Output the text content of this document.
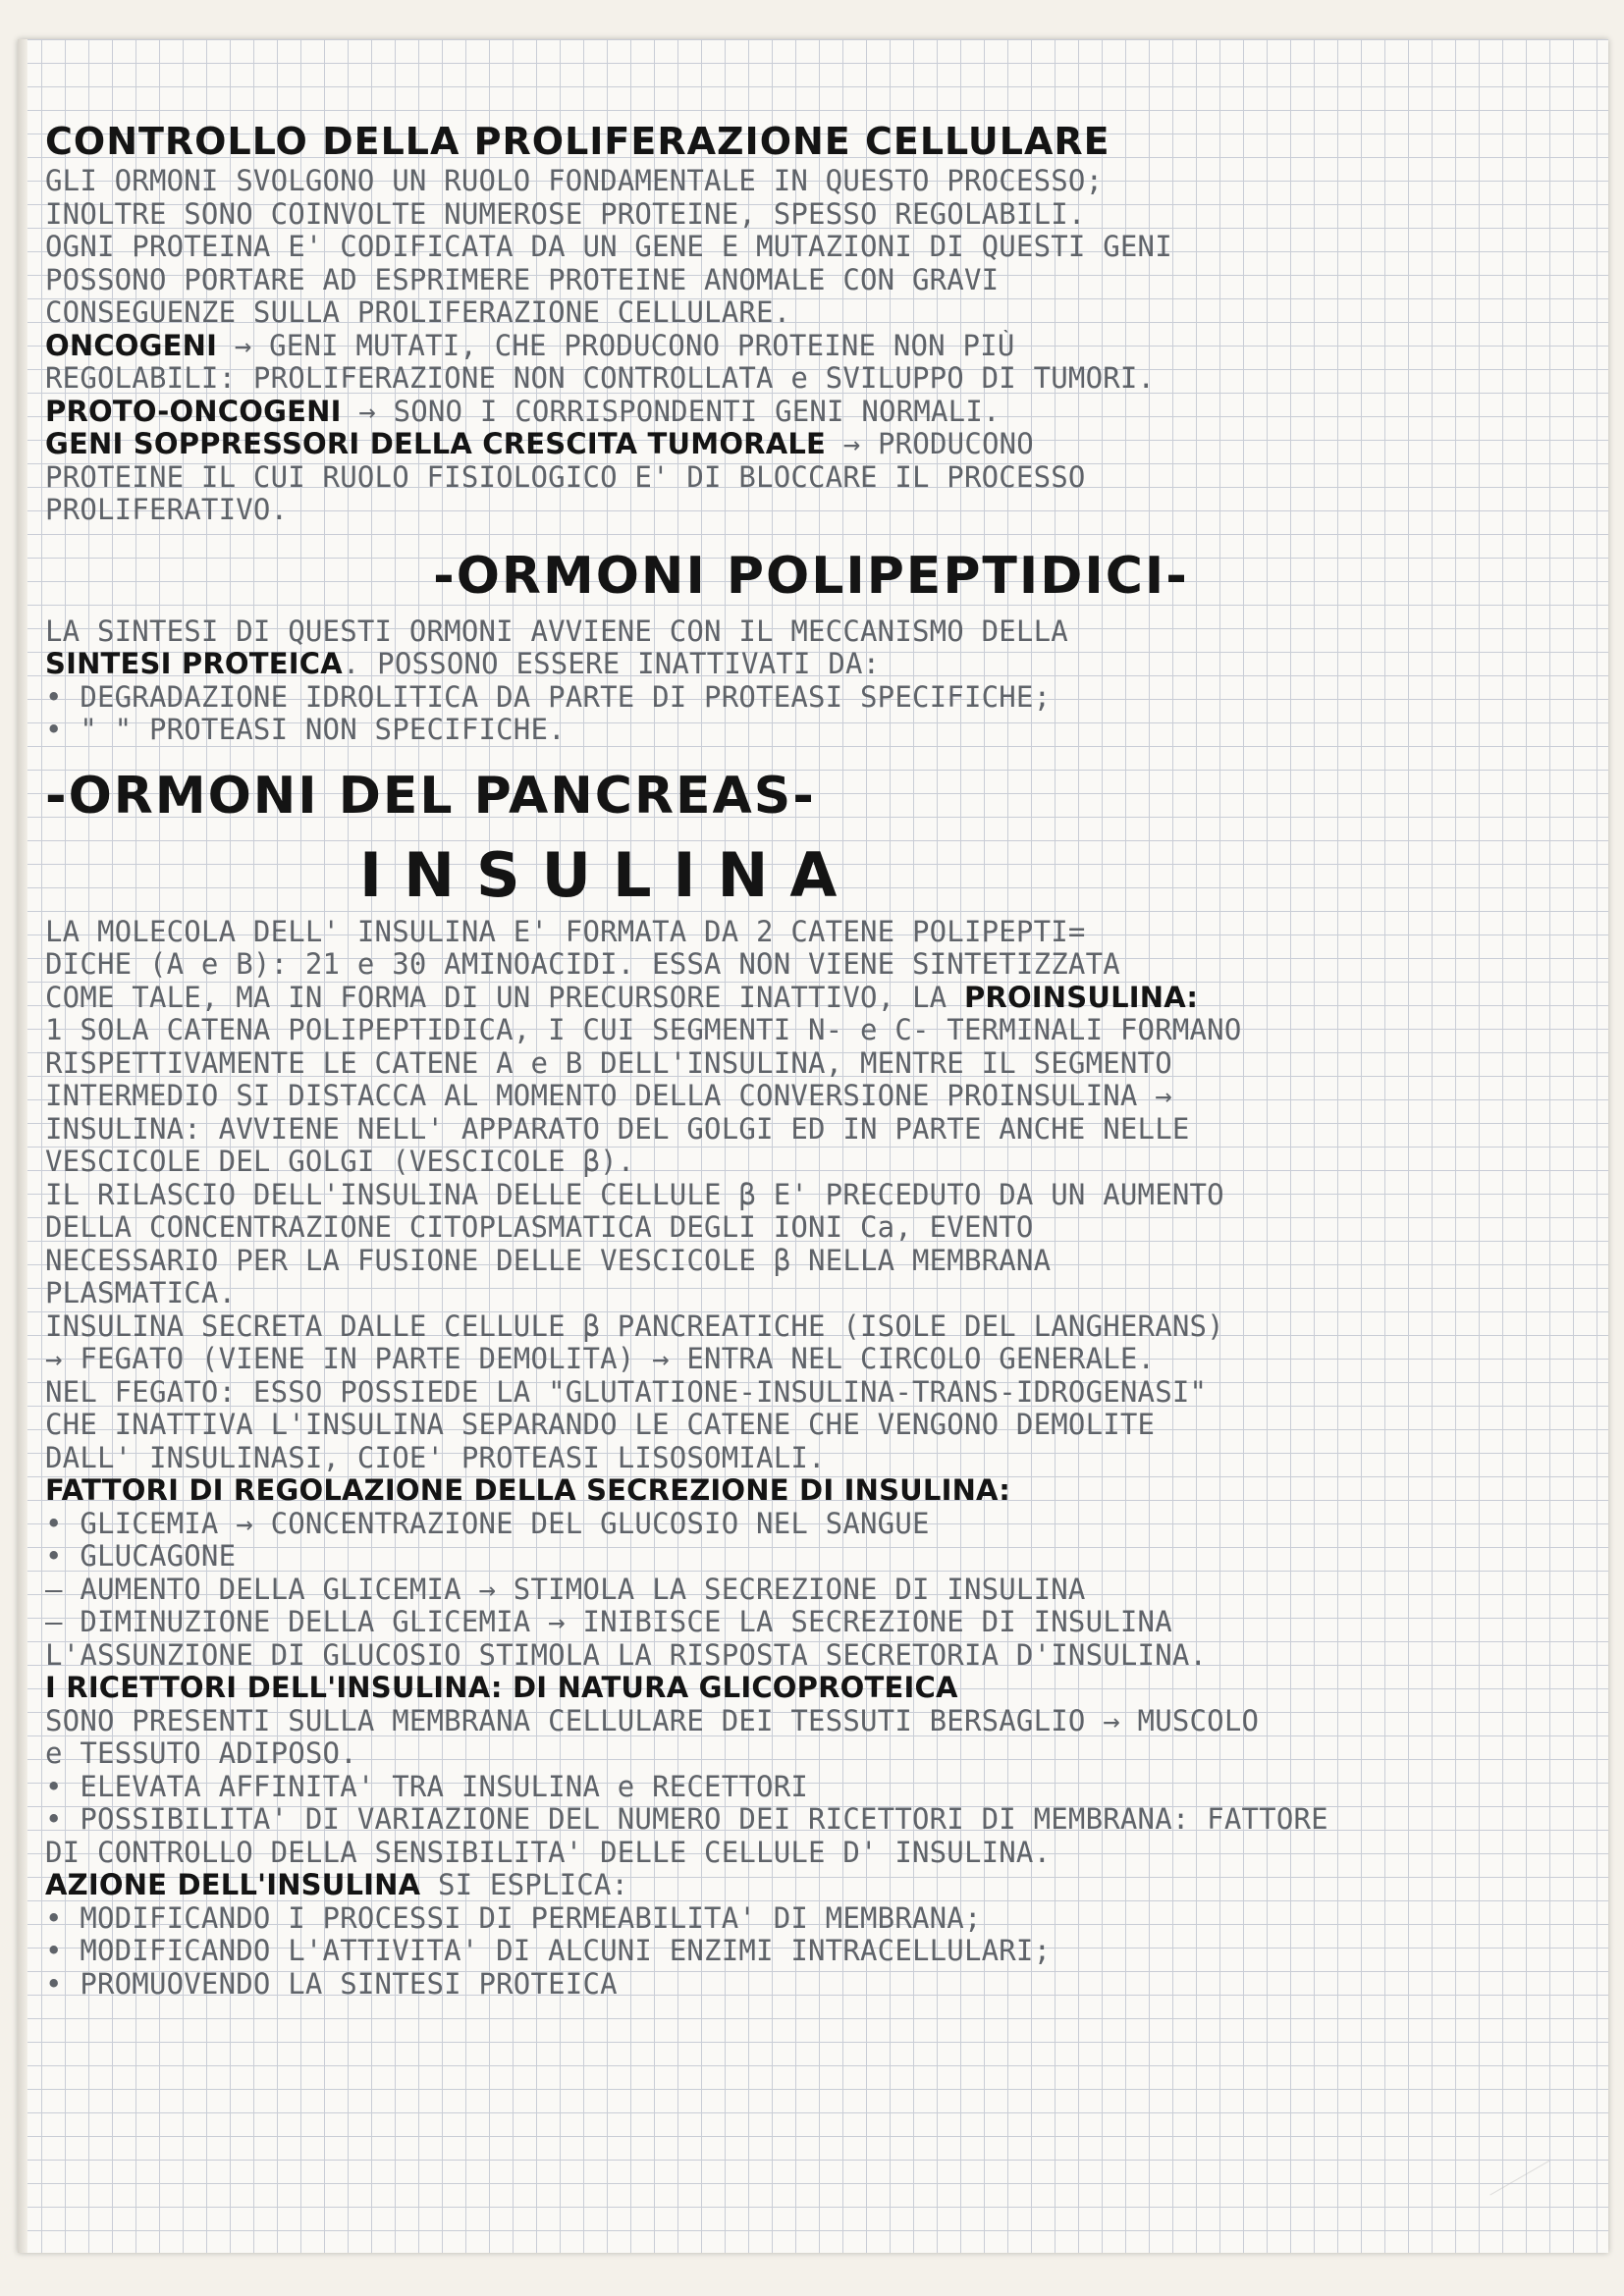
CONTROLLO DELLA PROLIFERAZIONE CELLULARE
GLI ORMONI SVOLGONO UN RUOLO FONDAMENTALE IN QUESTO PROCESSO;
INOLTRE SONO COINVOLTE NUMEROSE PROTEINE, SPESSO REGOLABILI.
OGNI PROTEINA E' CODIFICATA DA UN GENE E MUTAZIONI DI QUESTI GENI
POSSONO PORTARE AD ESPRIMERE PROTEINE ANOMALE CON GRAVI
CONSEGUENZE SULLA PROLIFERAZIONE CELLULARE.
ONCOGENI → GENI MUTATI, CHE PRODUCONO PROTEINE NON PIÙ
REGOLABILI: PROLIFERAZIONE NON CONTROLLATA e SVILUPPO DI TUMORI.
PROTO-ONCOGENI → SONO I CORRISPONDENTI GENI NORMALI.
GENI SOPPRESSORI DELLA CRESCITA TUMORALE → PRODUCONO
PROTEINE IL CUI RUOLO FISIOLOGICO E' DI BLOCCARE IL PROCESSO
PROLIFERATIVO.
-ORMONI POLIPEPTIDICI-
LA SINTESI DI QUESTI ORMONI AVVIENE CON IL MECCANISMO DELLA
SINTESI PROTEICA. POSSONO ESSERE INATTIVATI DA:
• DEGRADAZIONE IDROLITICA DA PARTE DI PROTEASI SPECIFICHE;
• " " PROTEASI NON SPECIFICHE.
-ORMONI DEL PANCREAS-
INSULINA
LA MOLECOLA DELL' INSULINA E' FORMATA DA 2 CATENE POLIPEPTI=
DICHE (A e B): 21 e 30 AMINOACIDI. ESSA NON VIENE SINTETIZZATA
COME TALE, MA IN FORMA DI UN PRECURSORE INATTIVO, LA PROINSULINA:
1 SOLA CATENA POLIPEPTIDICA, I CUI SEGMENTI N- e C- TERMINALI FORMANO
RISPETTIVAMENTE LE CATENE A e B DELL'INSULINA, MENTRE IL SEGMENTO
INTERMEDIO SI DISTACCA AL MOMENTO DELLA CONVERSIONE PROINSULINA →
INSULINA: AVVIENE NELL' APPARATO DEL GOLGI ED IN PARTE ANCHE NELLE
VESCICOLE DEL GOLGI (VESCICOLE β).
IL RILASCIO DELL'INSULINA DELLE CELLULE β E' PRECEDUTO DA UN AUMENTO
DELLA CONCENTRAZIONE CITOPLASMATICA DEGLI IONI Ca, EVENTO
NECESSARIO PER LA FUSIONE DELLE VESCICOLE β NELLA MEMBRANA
PLASMATICA.
INSULINA SECRETA DALLE CELLULE β PANCREATICHE (ISOLE DEL LANGHERANS)
→ FEGATO (VIENE IN PARTE DEMOLITA) → ENTRA NEL CIRCOLO GENERALE.
NEL FEGATO: ESSO POSSIEDE LA "GLUTATIONE-INSULINA-TRANS-IDROGENASI"
CHE INATTIVA L'INSULINA SEPARANDO LE CATENE CHE VENGONO DEMOLITE
DALL' INSULINASI, CIOE' PROTEASI LISOSOMIALI.
FATTORI DI REGOLAZIONE DELLA SECREZIONE DI INSULINA:
• GLICEMIA → CONCENTRAZIONE DEL GLUCOSIO NEL SANGUE
• GLUCAGONE
— AUMENTO DELLA GLICEMIA → STIMOLA LA SECREZIONE DI INSULINA
— DIMINUZIONE DELLA GLICEMIA → INIBISCE LA SECREZIONE DI INSULINA
L'ASSUNZIONE DI GLUCOSIO STIMOLA LA RISPOSTA SECRETORIA D'INSULINA.
I RICETTORI DELL'INSULINA: DI NATURA GLICOPROTEICA
SONO PRESENTI SULLA MEMBRANA CELLULARE DEI TESSUTI BERSAGLIO → MUSCOLO
e TESSUTO ADIPOSO.
• ELEVATA AFFINITA' TRA INSULINA e RECETTORI
• POSSIBILITA' DI VARIAZIONE DEL NUMERO DEI RICETTORI DI MEMBRANA: FATTORE
DI CONTROLLO DELLA SENSIBILITA' DELLE CELLULE D' INSULINA.
AZIONE DELL'INSULINA SI ESPLICA:
• MODIFICANDO I PROCESSI DI PERMEABILITA' DI MEMBRANA;
• MODIFICANDO L'ATTIVITA' DI ALCUNI ENZIMI INTRACELLULARI;
• PROMUOVENDO LA SINTESI PROTEICA
